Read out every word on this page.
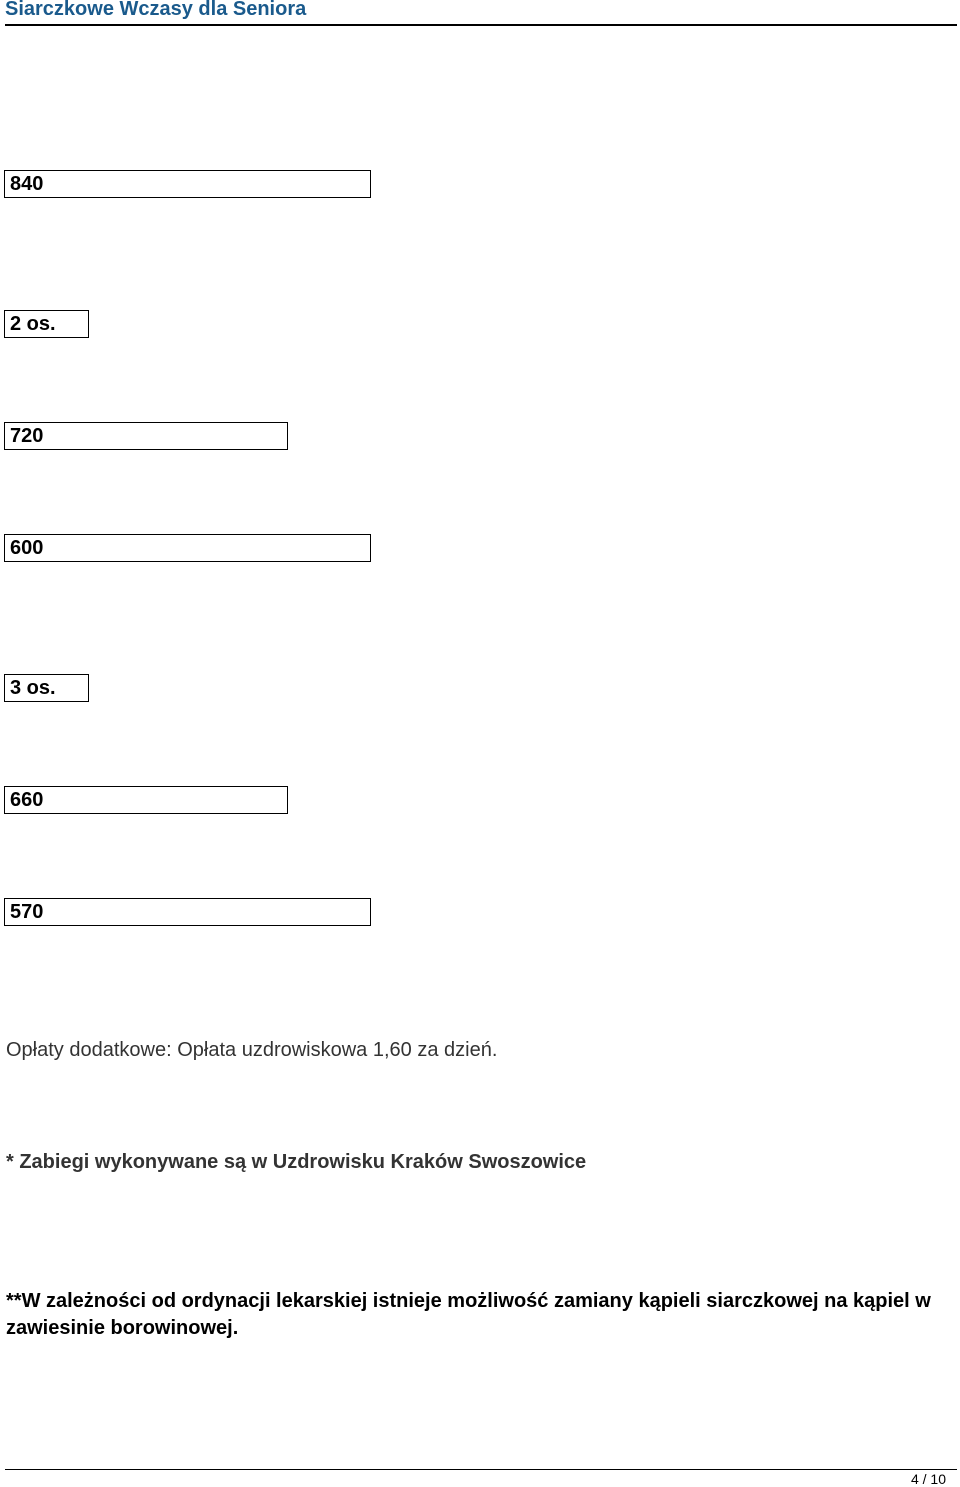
Siarczkowe Wczasy dla Seniora
840
2 os.
720
600
3 os.
660
570
Opłaty dodatkowe: Opłata uzdrowiskowa 1,60 za dzień.
* Zabiegi wykonywane są w Uzdrowisku Kraków Swoszowice
**W zależności od ordynacji lekarskiej istnieje możliwość zamiany kąpieli siarczkowej na kąpiel w zawiesinie borowinowej.
4 / 10
